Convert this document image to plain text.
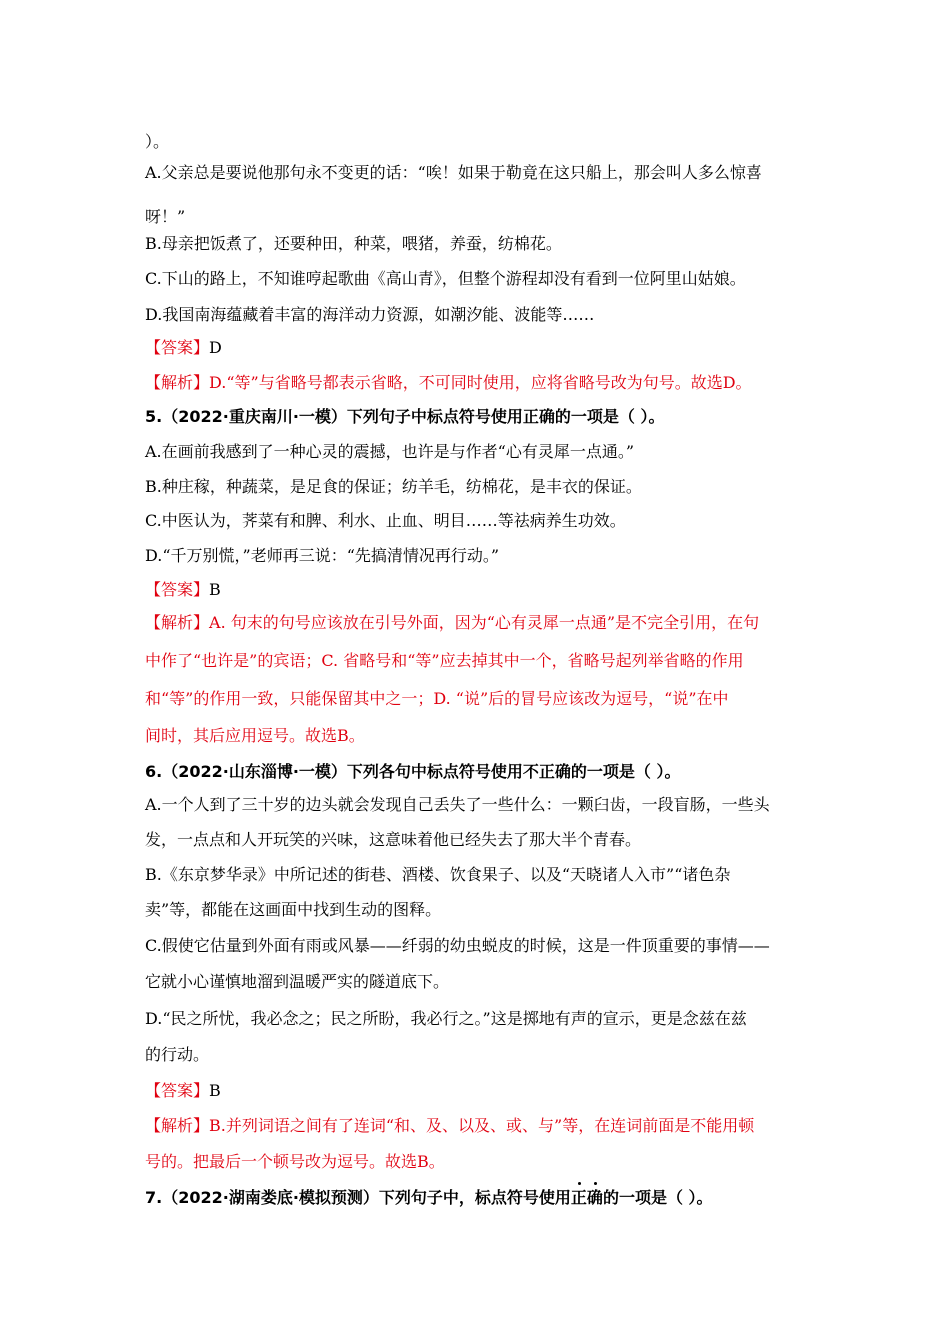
）。
A.父亲总是要说他那句永不变更的话：“唉！如果于勒竟在这只船上，那会叫人多么惊喜
呀！”
B.母亲把饭煮了，还要种田，种菜，喂猪，养蚕，纺棉花。
C.下山的路上，不知谁哼起歌曲《高山青》，但整个游程却没有看到一位阿里山姑娘。
D.我国南海蕴藏着丰富的海洋动力资源，如潮汐能、波能等……
【答案】D
【解析】D.“等”与省略号都表示省略，不可同时使用，应将省略号改为句号。故选D。
5.（2022·重庆南川·一模）下列句子中标点符号使用正确的一项是（ ）。
A.在画前我感到了一种心灵的震撼，也许是与作者“心有灵犀一点通。”
B.种庄稼，种蔬菜，是足食的保证；纺羊毛，纺棉花，是丰衣的保证。
C.中医认为，荠菜有和脾、利水、止血、明目……等祛病养生功效。
D.“千万别慌，”老师再三说：“先搞清情况再行动。”
【答案】B
【解析】A. 句末的句号应该放在引号外面，因为“心有灵犀一点通”是不完全引用，在句
中作了“也许是”的宾语；C. 省略号和“等”应去掉其中一个，省略号起列举省略的作用
和“等”的作用一致，只能保留其中之一；D. “说”后的冒号应该改为逗号，“说”在中
间时，其后应用逗号。故选B。
6.（2022·山东淄博·一模）下列各句中标点符号使用不正确的一项是（ ）。
A.一个人到了三十岁的边头就会发现自己丢失了一些什么：一颗臼齿，一段盲肠，一些头
发，一点点和人开玩笑的兴味，这意味着他已经失去了那大半个青春。
B.《东京梦华录》中所记述的街巷、酒楼、饮食果子、以及“天晓诸人入市”“诸色杂
卖”等，都能在这画面中找到生动的图释。
C.假使它估量到外面有雨或风暴——纤弱的幼虫蜕皮的时候，这是一件顶重要的事情——
它就小心谨慎地溜到温暖严实的隧道底下。
D.“民之所忧，我必念之；民之所盼，我必行之。”这是掷地有声的宣示，更是念兹在兹
的行动。
【答案】B
【解析】B.并列词语之间有了连词“和、及、以及、或、与”等，在连词前面是不能用顿
号的。把最后一个顿号改为逗号。故选B。
7.（2022·湖南娄底·模拟预测）下列句子中，标点符号使用正确的一项是（ ）。
